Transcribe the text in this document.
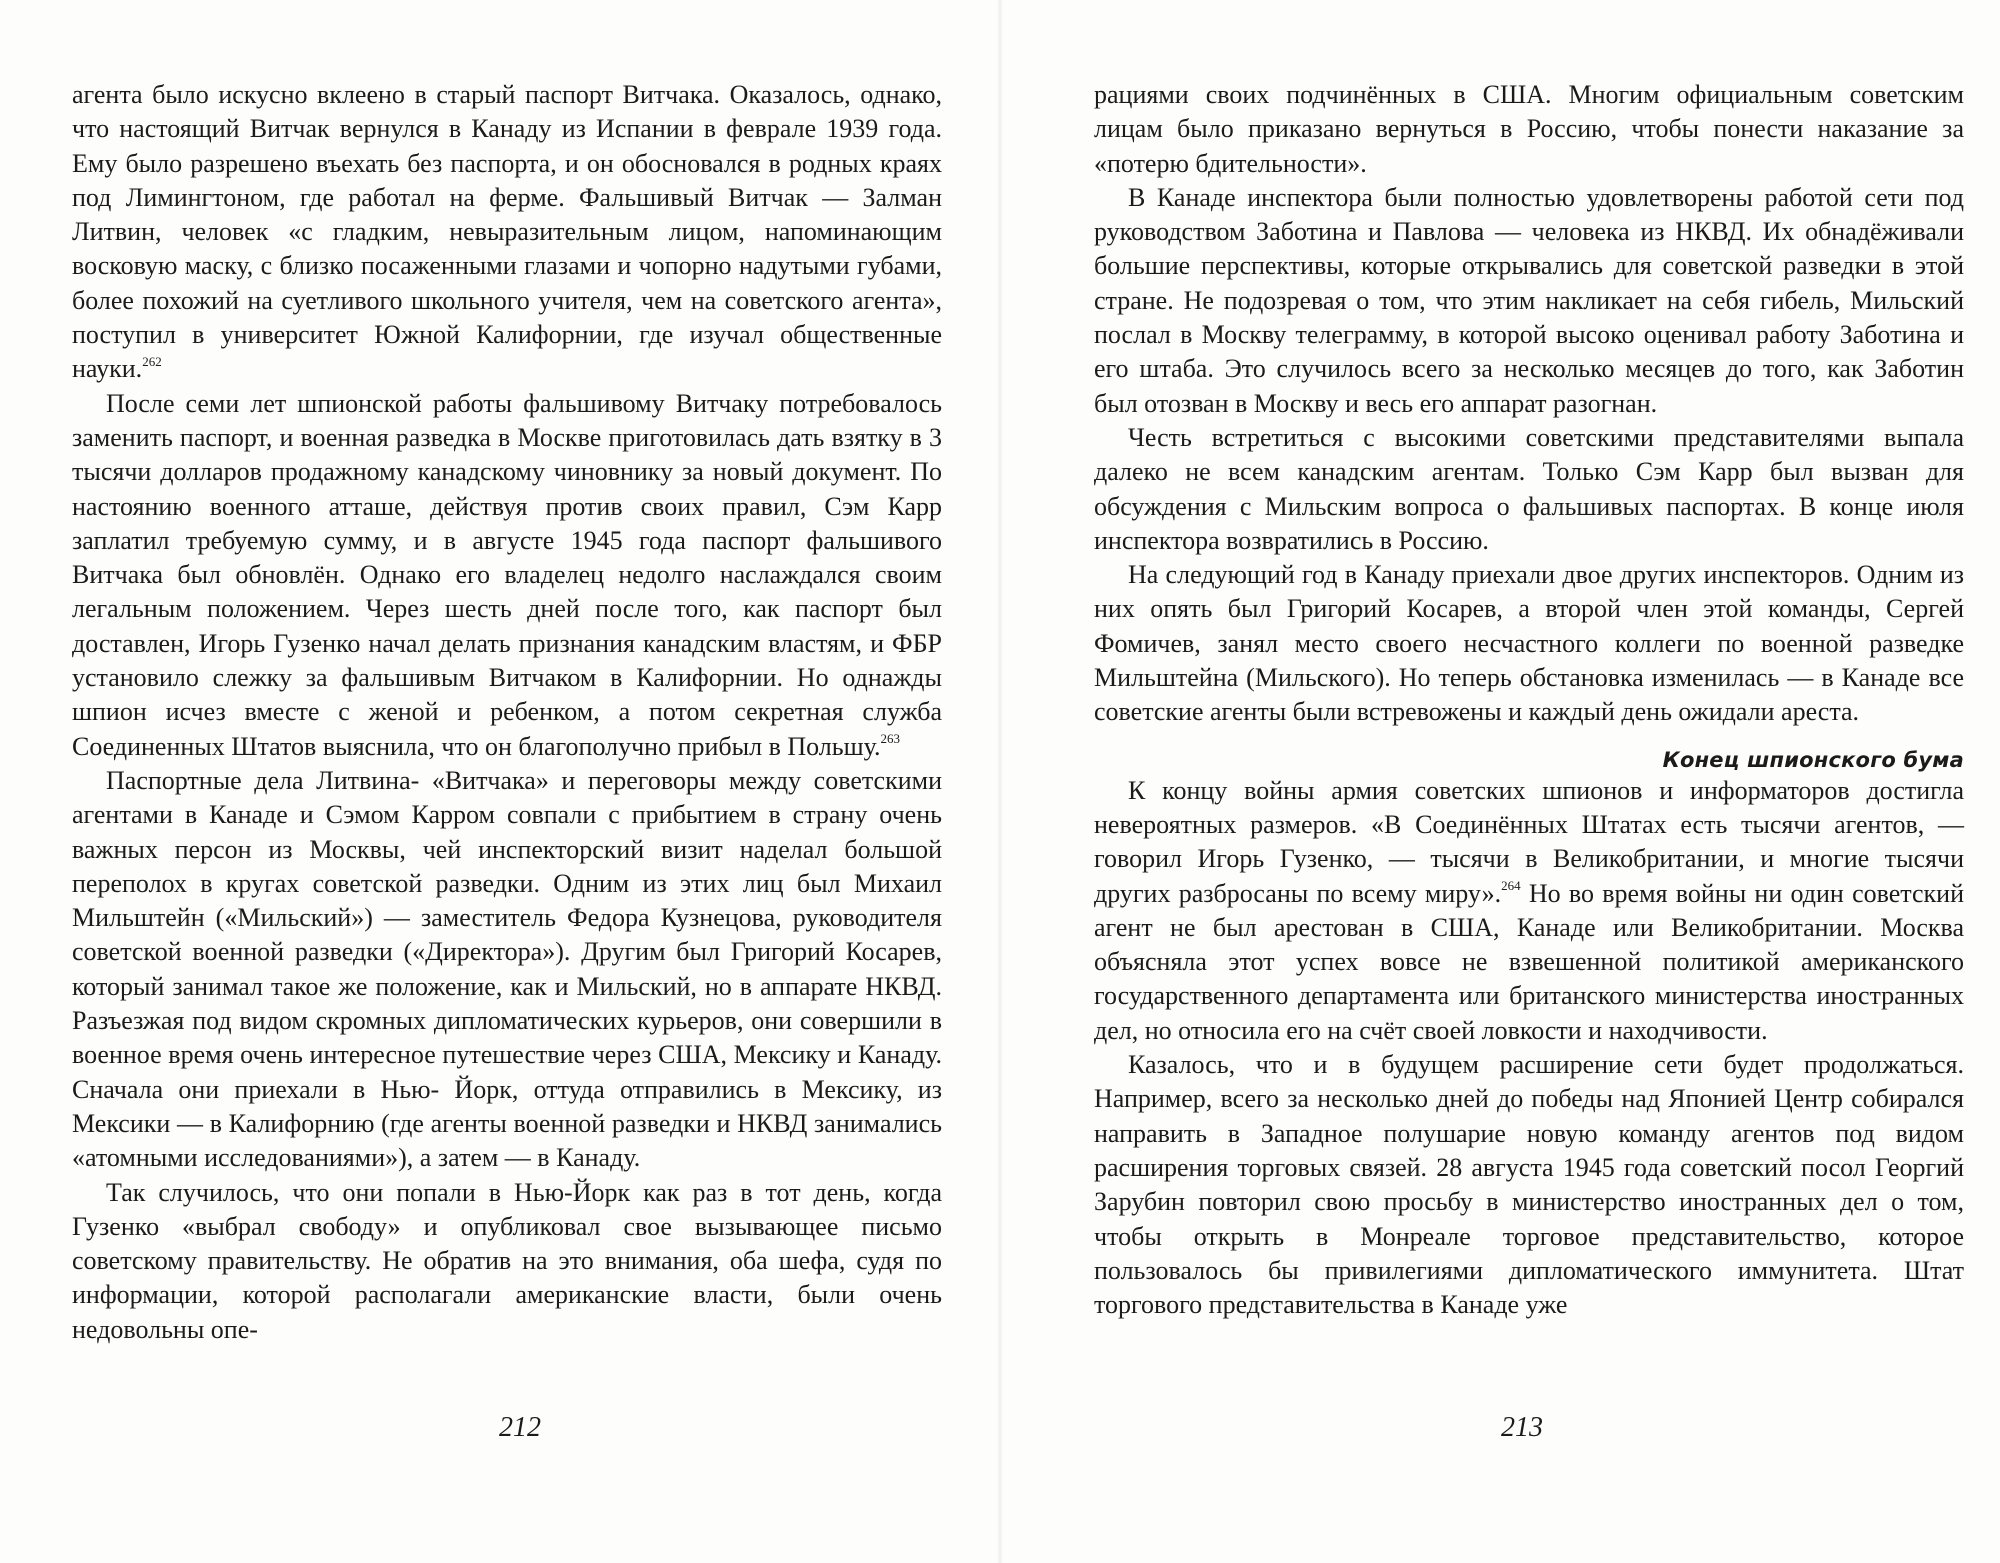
агента было искусно вклеено в старый паспорт Витчака. Оказалось, однако, что настоящий Витчак вернулся в Канаду из Испании в феврале 1939 года. Ему было разрешено въехать без паспорта, и он обосновался в родных краях под Лимингтоном, где работал на ферме. Фальшивый Витчак — Залман Литвин, человек «с гладким, невыразительным лицом, напоминающим восковую маску, с близко посаженными глазами и чопорно надутыми губами, более похожий на суетливого школьного учителя, чем на советского агента», поступил в университет Южной Калифорнии, где изучал общественные науки.$^{262}$

После семи лет шпионской работы фальшивому Витчаку потребовалось заменить паспорт, и военная разведка в Москве приготовилась дать взятку в 3 тысячи долларов продажному канадскому чиновнику за новый документ. По настоянию военного атташе, действуя против своих правил, Сэм Карр заплатил требуемую сумму, и в августе 1945 года паспорт фальшивого Витчака был обновлён. Однако его владелец недолго наслаждался своим легальным положением. Через шесть дней после того, как паспорт был доставлен, Игорь Гузенко начал делать признания канадским властям, и ФБР установило слежку за фальшивым Витчаком в Калифорнии. Но однажды шпион исчез вместе с женой и ребенком, а потом секретная служба Соединенных Штатов выяснила, что он благополучно прибыл в Польшу.$^{263}$

Паспортные дела Литвина- «Витчака» и переговоры между советскими агентами в Канаде и Сэмом Карром совпали с прибытием в страну очень важных персон из Москвы, чей инспекторский визит наделал большой переполох в кругах советской разведки. Одним из этих лиц был Михаил Мильштейн («Мильский») — заместитель Федора Кузнецова, руководителя советской военной разведки («Директора»). Другим был Григорий Косарев, который занимал такое же положение, как и Мильский, но в аппарате НКВД. Разъезжая под видом скромных дипломатических курьеров, они совершили в военное время очень интересное путешествие через США, Мексику и Канаду. Сначала они приехали в Нью- Йорк, оттуда отправились в Мексику, из Мексики — в Калифорнию (где агенты военной разведки и НКВД занимались «атомными исследованиями»), а затем — в Канаду.

Так случилось, что они попали в Нью-Йорк как раз в тот день, когда Гузенко «выбрал свободу» и опубликовал свое вызывающее письмо советскому правительству. Не обратив на это внимания, оба шефа, судя по информации, которой располагали американские власти, были очень недовольны опе-

рациями своих подчинённых в США. Многим официальным советским лицам было приказано вернуться в Россию, чтобы понести наказание за «потерю бдительности».

В Канаде инспектора были полностью удовлетворены работой сети под руководством Заботина и Павлова — человека из НКВД. Их обнадёживали большие перспективы, которые открывались для советской разведки в этой стране. Не подозревая о том, что этим накликает на себя гибель, Мильский послал в Москву телеграмму, в которой высоко оценивал работу Заботина и его штаба. Это случилось всего за несколько месяцев до того, как Заботин был отозван в Москву и весь его аппарат разогнан.

Честь встретиться с высокими советскими представителями выпала далеко не всем канадским агентам. Только Сэм Карр был вызван для обсуждения с Мильским вопроса о фальшивых паспортах. В конце июля инспектора возвратились в Россию.

На следующий год в Канаду приехали двое других инспекторов. Одним из них опять был Григорий Косарев, а второй член этой команды, Сергей Фомичев, занял место своего несчастного коллеги по военной разведке Мильштейна (Мильского). Но теперь обстановка изменилась — в Канаде все советские агенты были встревожены и каждый день ожидали ареста.

Конец шпионского бума

К концу войны армия советских шпионов и информаторов достигла невероятных размеров. «В Соединённых Штатах есть тысячи агентов, — говорил Игорь Гузенко, — тысячи в Великобритании, и многие тысячи других разбросаны по всему миру».$^{264}$ Но во время войны ни один советский агент не был арестован в США, Канаде или Великобритании. Москва объясняла этот успех вовсе не взвешенной политикой американского государственного департамента или британского министерства иностранных дел, но относила его на счёт своей ловкости и находчивости.

Казалось, что и в будущем расширение сети будет продолжаться. Например, всего за несколько дней до победы над Японией Центр собирался направить в Западное полушарие новую команду агентов под видом расширения торговых связей. 28 августа 1945 года советский посол Георгий Зарубин повторил свою просьбу в министерство иностранных дел о том, чтобы открыть в Монреале торговое представительство, которое пользовалось бы привилегиями дипломатического иммунитета. Штат торгового представительства в Канаде уже

212	213
